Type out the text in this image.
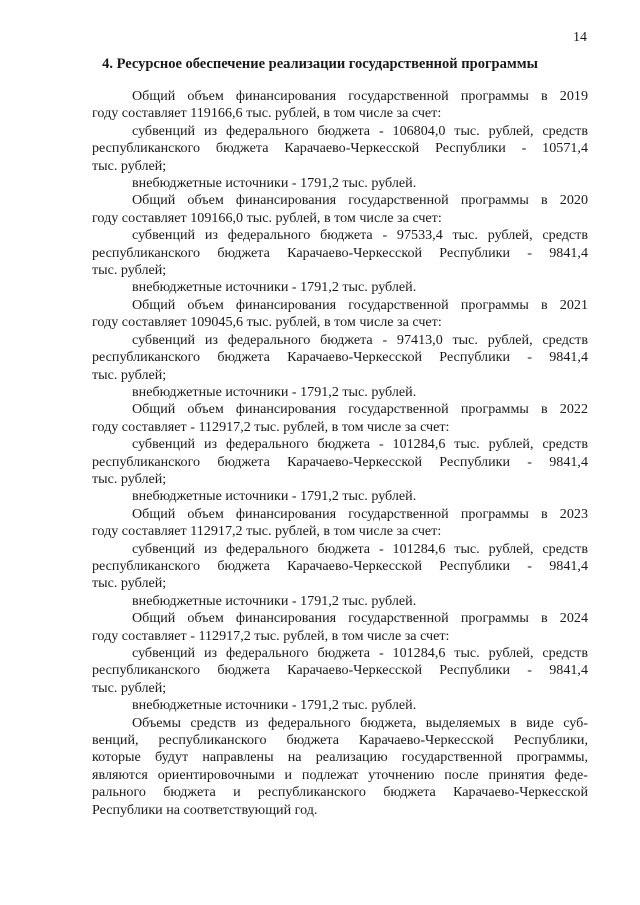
14
4. Ресурсное обеспечение реализации государственной программы
Общий объем финансирования государственной программы в 2019
году составляет 119166,6 тыс. рублей, в том числе за счет:
субвенций из федерального бюджета - 106804,0 тыс. рублей, средств
республиканского бюджета Карачаево-Черкесской Республики - 10571,4
тыс. рублей;
внебюджетные источники - 1791,2 тыс. рублей.
Общий объем финансирования государственной программы в 2020
году составляет 109166,0 тыс. рублей, в том числе за счет:
субвенций из федерального бюджета - 97533,4 тыс. рублей, средств
республиканского бюджета Карачаево-Черкесской Республики - 9841,4
тыс. рублей;
внебюджетные источники - 1791,2 тыс. рублей.
Общий объем финансирования государственной программы в 2021
году составляет 109045,6 тыс. рублей, в том числе за счет:
субвенций из федерального бюджета - 97413,0 тыс. рублей, средств
республиканского бюджета Карачаево-Черкесской Республики - 9841,4
тыс. рублей;
внебюджетные источники - 1791,2 тыс. рублей.
Общий объем финансирования государственной программы в 2022
году составляет - 112917,2 тыс. рублей, в том числе за счет:
субвенций из федерального бюджета - 101284,6 тыс. рублей, средств
республиканского бюджета Карачаево-Черкесской Республики - 9841,4
тыс. рублей;
внебюджетные источники - 1791,2 тыс. рублей.
Общий объем финансирования государственной программы в 2023
году составляет 112917,2 тыс. рублей, в том числе за счет:
субвенций из федерального бюджета - 101284,6 тыс. рублей, средств
республиканского бюджета Карачаево-Черкесской Республики - 9841,4
тыс. рублей;
внебюджетные источники - 1791,2 тыс. рублей.
Общий объем финансирования государственной программы в 2024
году составляет - 112917,2 тыс. рублей, в том числе за счет:
субвенций из федерального бюджета - 101284,6 тыс. рублей, средств
республиканского бюджета Карачаево-Черкесской Республики - 9841,4
тыс. рублей;
внебюджетные источники - 1791,2 тыс. рублей.
Объемы средств из федерального бюджета, выделяемых в виде суб-
венций, республиканского бюджета Карачаево-Черкесской Республики,
которые будут направлены на реализацию государственной программы,
являются ориентировочными и подлежат уточнению после принятия феде-
рального бюджета и республиканского бюджета Карачаево-Черкесской
Республики на соответствующий год.
